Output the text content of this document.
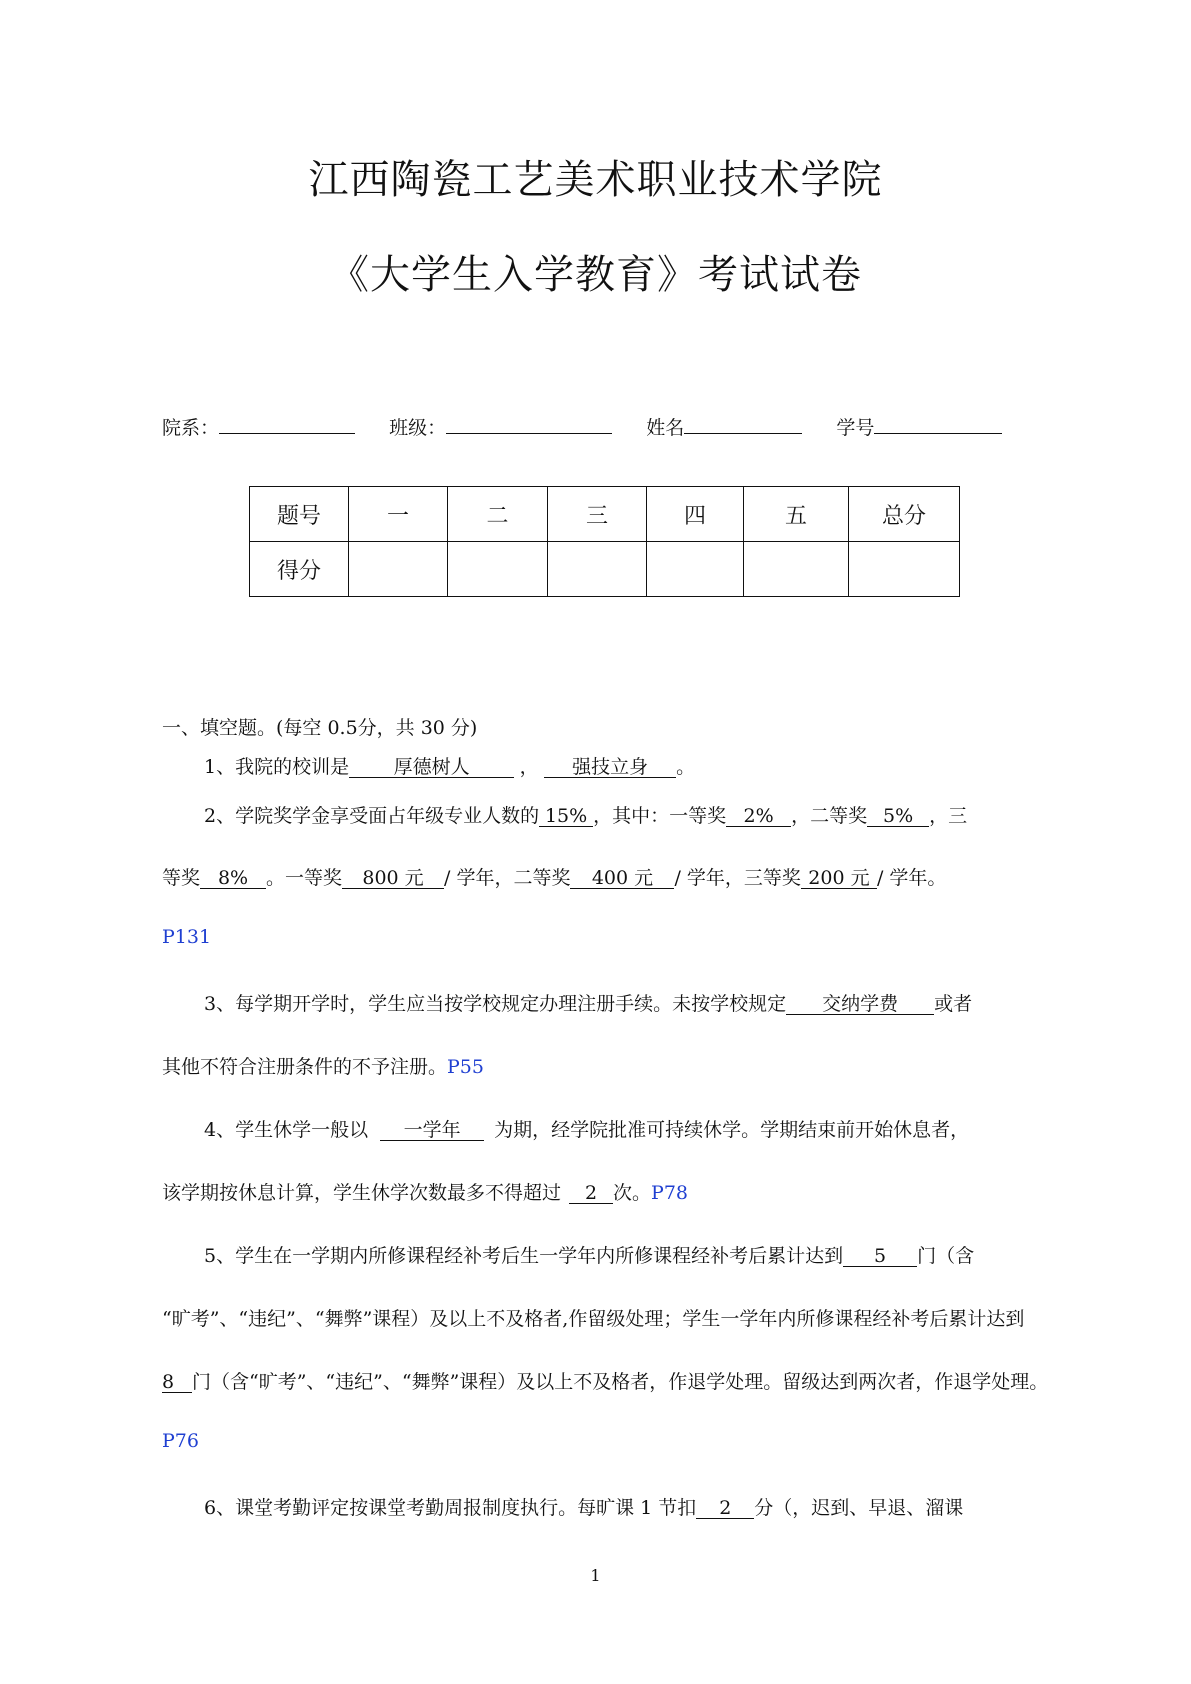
江西陶瓷工艺美术职业技术学院
《大学生入学教育》考试试卷
院系：	班级：	姓名	学号
题号	一	二	三	四	五	总分
得分						
一、填空题。(每空 0.5分，共 30 分)
1、我院的校训是 厚德树人	， 强技立身 。
2、学院奖学金享受面占年级专业人数的 15% ，其中：一等奖 2% ，二等奖 5% ，三
等奖 8% 。一等奖 800 元 / 学年，二等奖 400 元 / 学年，三等奖 200 元 / 学年。
P131
3、每学期开学时，学生应当按学校规定办理注册手续。未按学校规定 交纳学费 或者
其他不符合注册条件的不予注册。P55
4、学生休学一般以 一学年 为期，经学院批准可持续休学。学期结束前开始休息者，
该学期按休息计算，学生休学次数最多不得超过 2 次。P78
5、学生在一学期内所修课程经补考后生一学年内所修课程经补考后累计达到 5 门（含
“旷考”、“违纪”、“舞弊”课程）及以上不及格者,作留级处理；学生一学年内所修课程经补考后累计达到
8 门（含“旷考”、“违纪”、“舞弊”课程）及以上不及格者，作退学处理。留级达到两次者，作退学处理。
P76
6、课堂考勤评定按课堂考勤周报制度执行。每旷课 1 节扣 2 分（，迟到、早退、溜课
1
